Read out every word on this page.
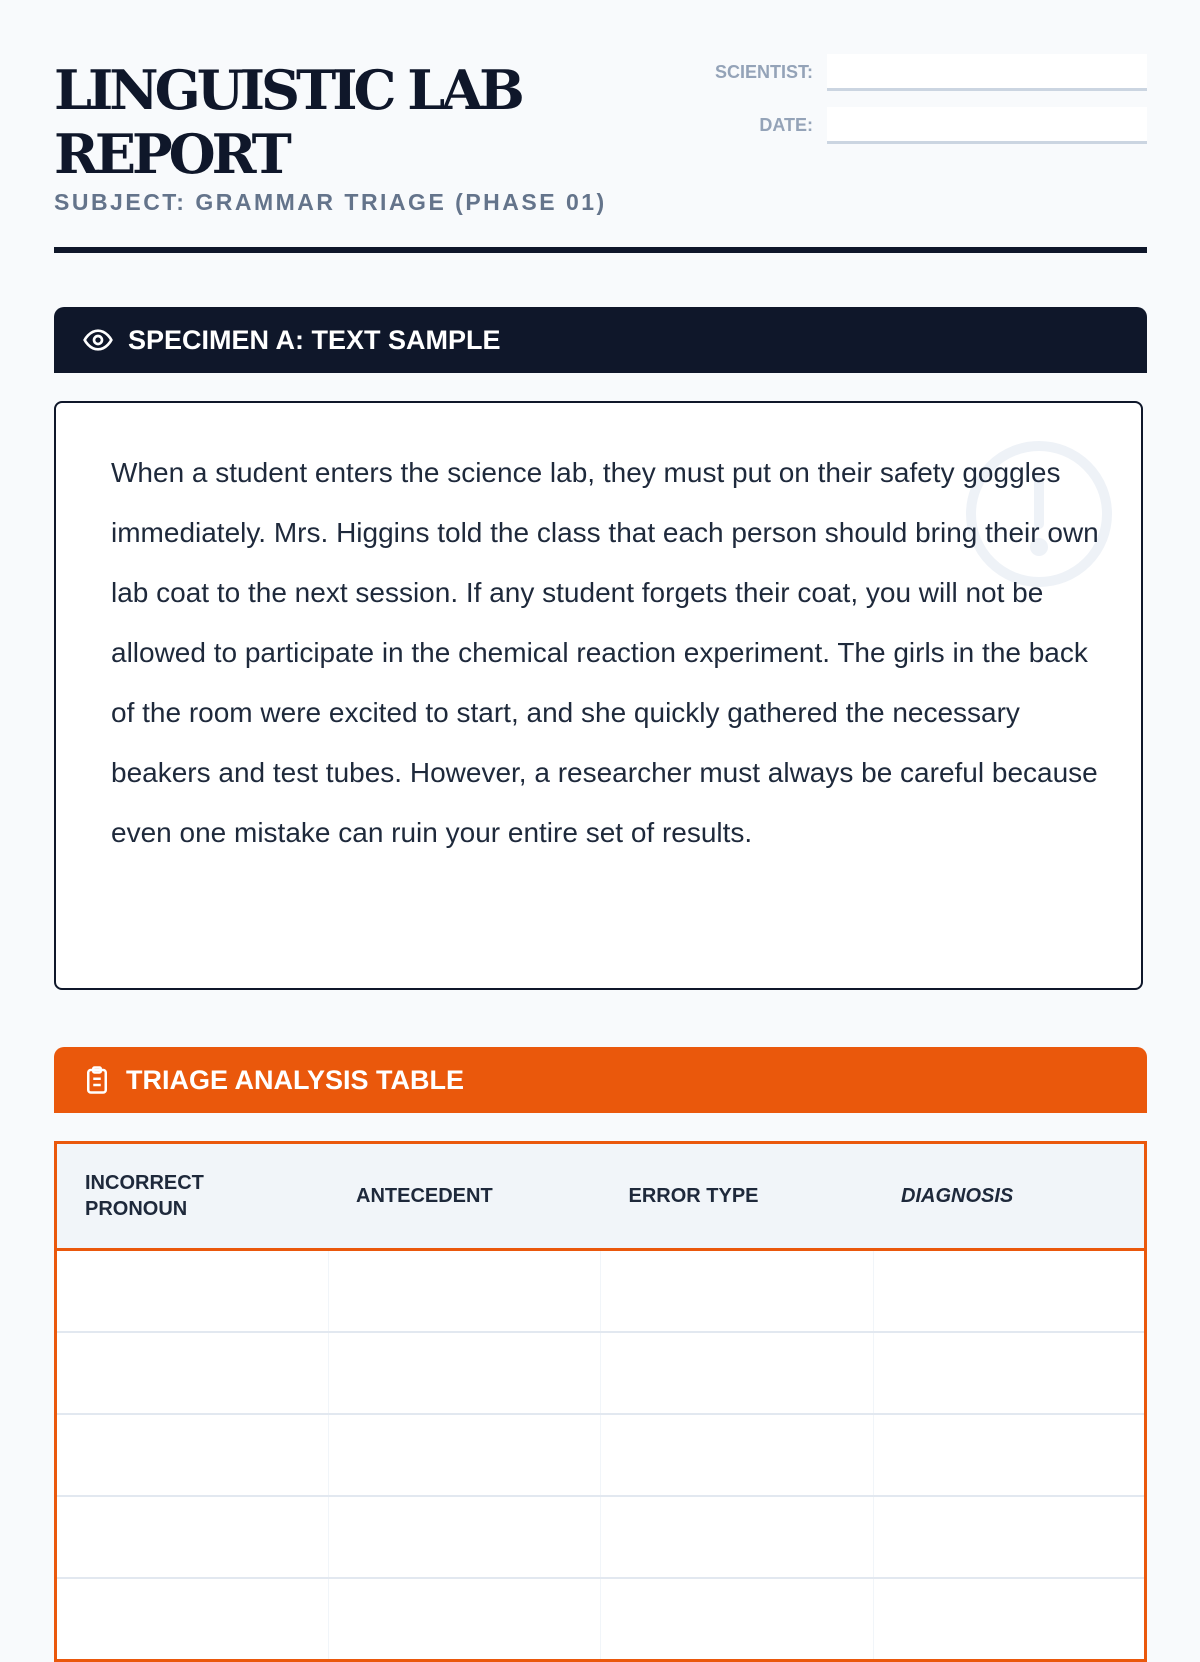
LINGUISTIC LAB REPORT
SUBJECT: GRAMMAR TRIAGE (PHASE 01)
SCIENTIST:
DATE:
SPECIMEN A: TEXT SAMPLE

When a student enters the science lab, they must put on their safety goggles immediately. Mrs. Higgins told the class that each person should bring their own lab coat to the next session. If any student forgets their coat, you will not be allowed to participate in the chemical reaction experiment. The girls in the back of the room were excited to start, and she quickly gathered the necessary beakers and test tubes. However, a researcher must always be careful because even one mistake can ruin your entire set of results.

TRIAGE ANALYSIS TABLE
INCORRECT PRONOUN	ANTECEDENT	ERROR TYPE	DIAGNOSIS
